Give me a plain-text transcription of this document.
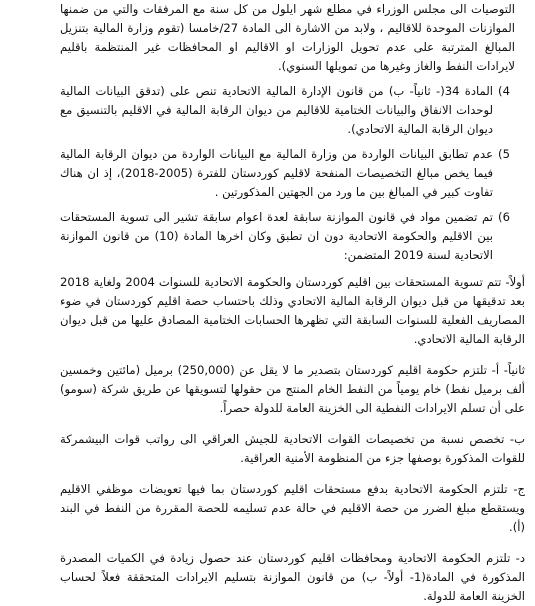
التوصيات الى مجلس الوزراء في مطلع شهر ايلول من كل سنة مع المرفقات والتي من ضمنها الموازنات الموحدة للاقاليم ، ولابد من الاشارة الى المادة 27/خامسا (تقوم وزارة المالية بتنزيل المبالغ المترتبة على عدم تحويل الوزارات او الاقاليم او المحافظات غير المنتظمة باقليم لايرادات النفط والغاز وغيرها من تمويلها السنوي).

4)

المادة 34(- ثانياً- ب) من قانون الإدارة المالية الاتحادية تنص على (تدقق البيانات المالية لوحدات الانفاق والبيانات الختامية للاقاليم من ديوان الرقابة المالية في الاقليم بالتنسيق مع ديوان الرقابة المالية الاتحادي).

5)

عدم تطابق البيانات الواردة من وزارة المالية مع البيانات الواردة من ديوان الرقابة المالية فيما يخص مبالغ التخصيصات المنفحة لاقليم كوردستان للفترة (2005-2018)، إذ ان هناك تفاوت كبير في المبالغ بين ما ورد من الجهتين المذكورتين .

6)

تم تضمين مواد في قانون الموازنة سابقة لعدة اعوام سابقة تشير الى تسوية المستحقات بين الاقليم والحكومة الاتحادية دون ان تطبق وكان اخرها المادة (10) من قانون الموازنة الاتحادية لسنة 2019 المتضمن:

أولاً- تتم تسوية المستحقات بين اقليم كوردستان والحكومة الاتحادية للسنوات 2004 ولغاية 2018 بعد تدقيقها من قبل ديوان الرقابة المالية الاتحادي وذلك باحتساب حصة اقليم كوردستان في ضوء المصاريف الفعلية للسنوات السابقة التي تظهرها الحسابات الختامية المصادق عليها من قبل ديوان الرقابة المالية الاتحادي.

ثانياً- أ- تلتزم حكومة اقليم كوردستان بتصدير ما لا يقل عن (250,000) برميل (مائتين وخمسين ألف برميل نفط) خام يومياً من النفط الخام المنتج من حقولها لتسويقها عن طريق شركة (سومو) على أن تسلم الايرادات النفطية الى الخزينة العامة للدولة حصراً.

ب- تخصص نسبة من تخصيصات القوات الاتحادية للجيش العراقي الى رواتب قوات البيشمركة للقوات المذكورة بوصفها جزء من المنظومة الأمنية العراقية.

ج- تلتزم الحكومة الاتحادية بدفع مستحقات اقليم كوردستان بما فيها تعويضات موظفي الاقليم ويستقطع مبلغ الضرر من حصة الاقليم في حالة عدم تسليمه للحصة المقررة من النفط في البند (أ).

د- تلتزم الحكومة الاتحادية ومحافظات اقليم كوردستان عند حصول زيادة في الكميات المصدرة المذكورة في المادة(1- أولاً- ب) من قانون الموازنة بتسليم الايرادات المتحققة فعلاً لحساب الخزينة العامة للدولة.
